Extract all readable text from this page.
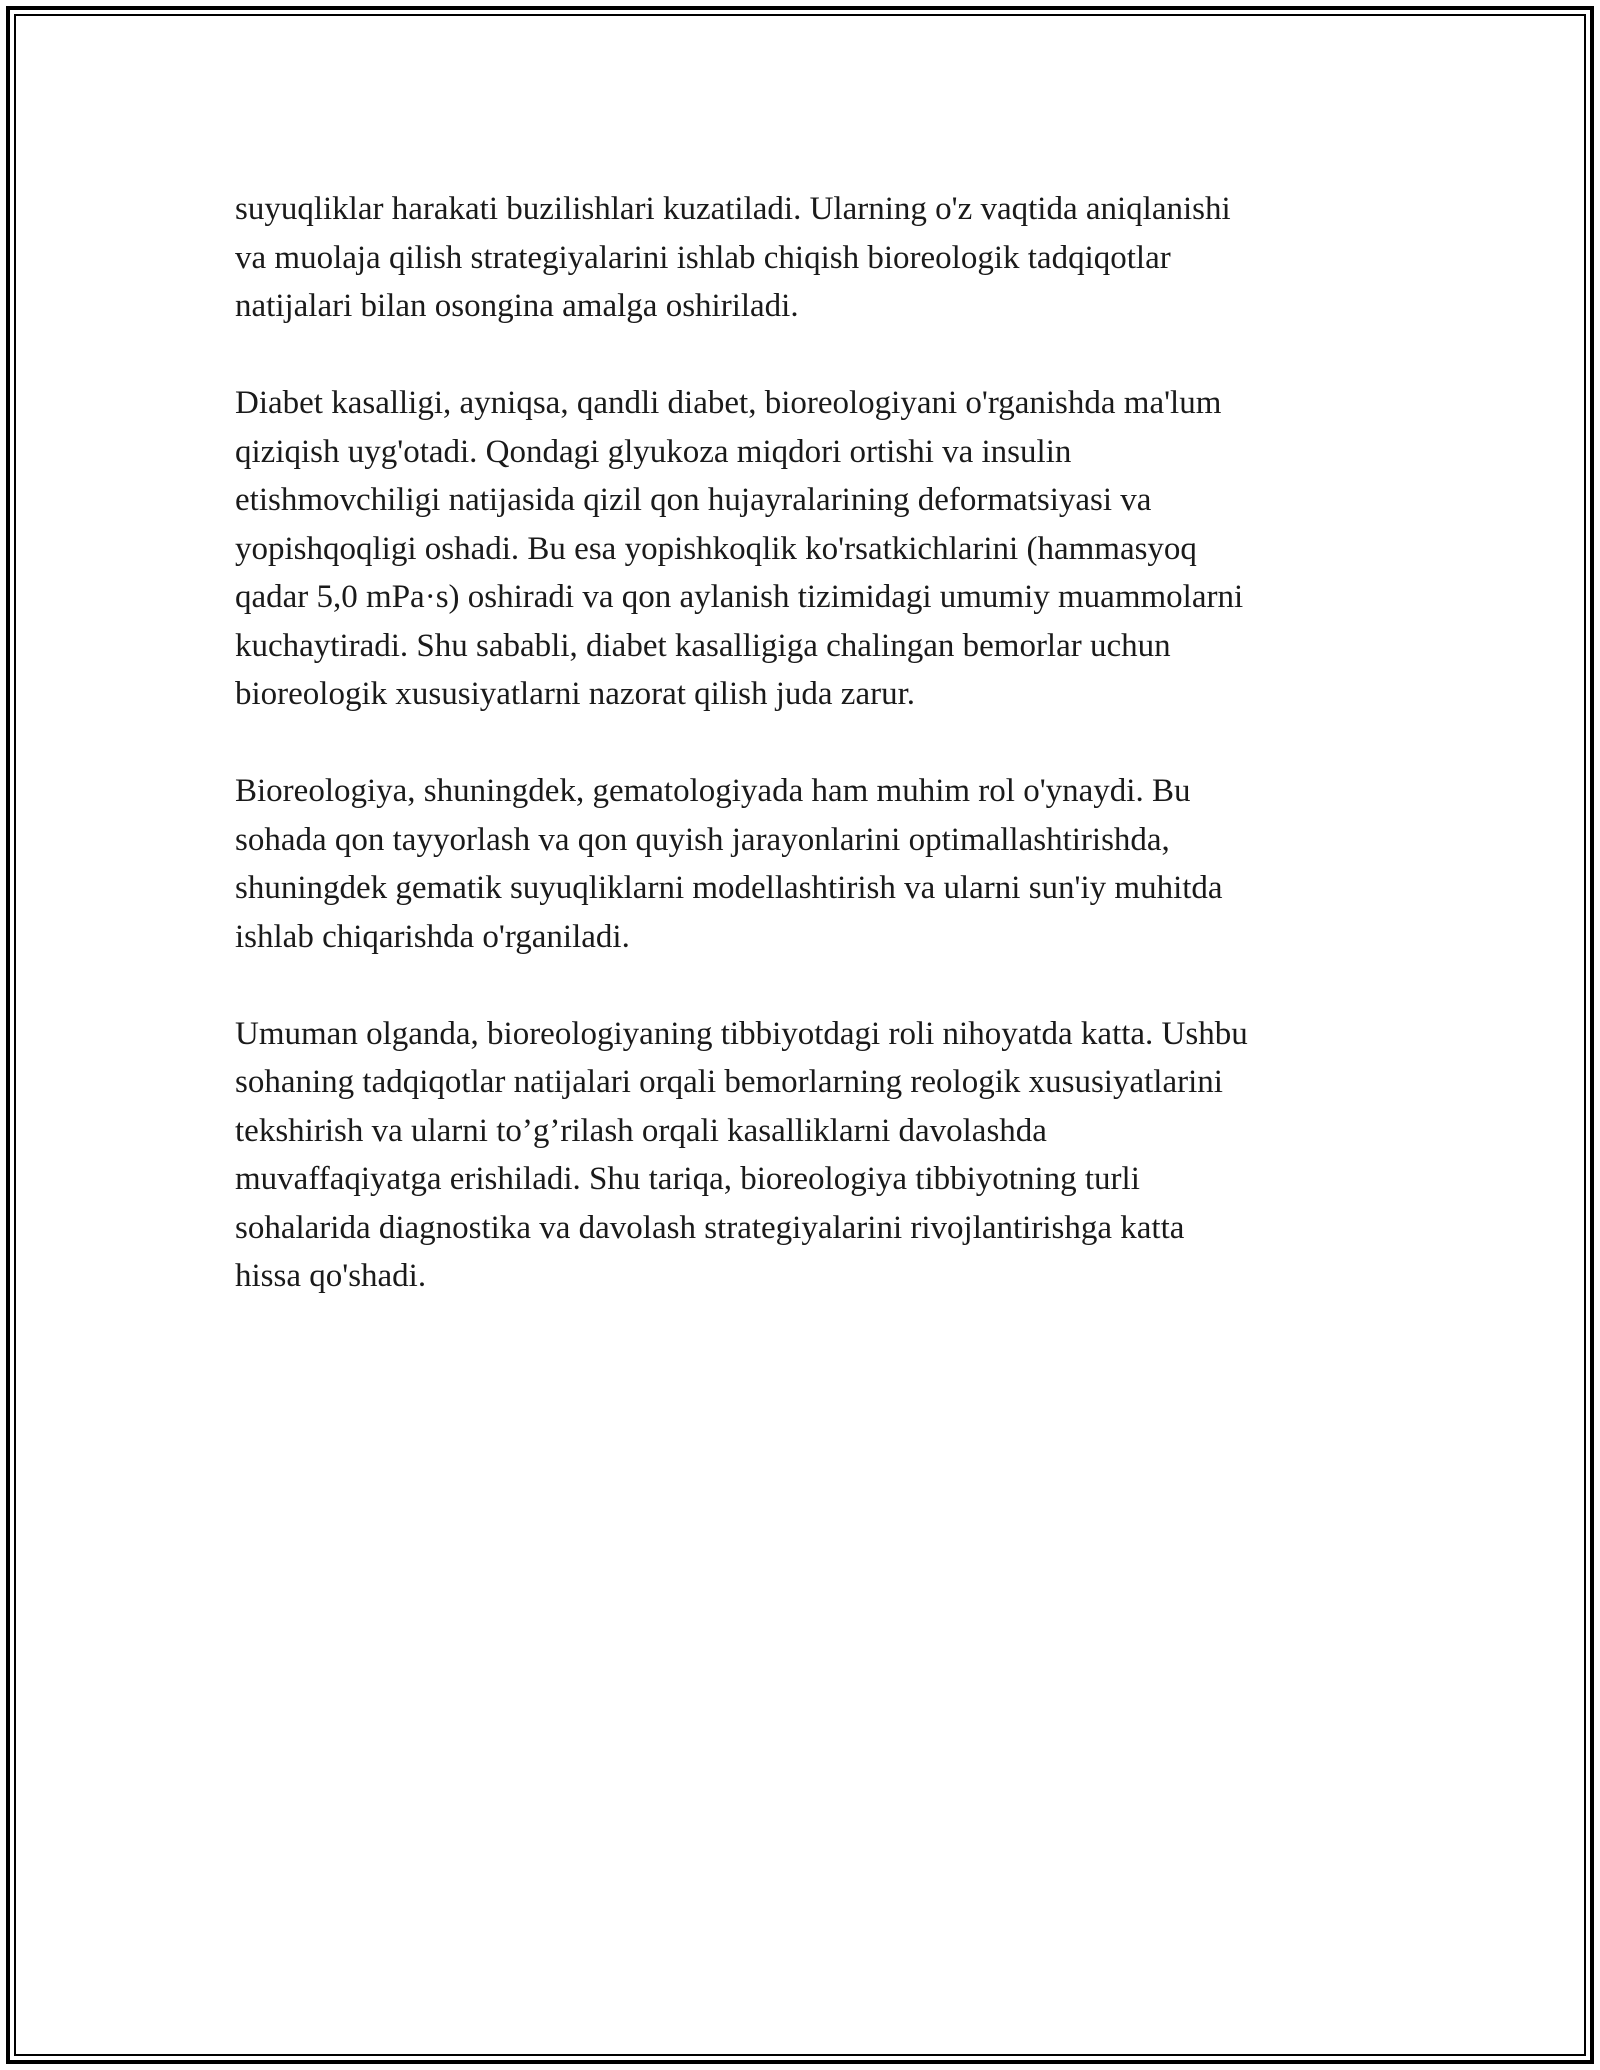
suyuqliklar harakati buzilishlari kuzatiladi. Ularning o'z vaqtida aniqlanishi
va muolaja qilish strategiyalarini ishlab chiqish bioreologik tadqiqotlar
natijalari bilan osongina amalga oshiriladi.

Diabet kasalligi, ayniqsa, qandli diabet, bioreologiyani o'rganishda ma'lum
qiziqish uyg'otadi. Qondagi glyukoza miqdori ortishi va insulin
etishmovchiligi natijasida qizil qon hujayralarining deformatsiyasi va
yopishqoqligi oshadi. Bu esa yopishkoqlik ko'rsatkichlarini (hammasyoq
qadar 5,0 mPa·s) oshiradi va qon aylanish tizimidagi umumiy muammolarni
kuchaytiradi. Shu sababli, diabet kasalligiga chalingan bemorlar uchun
bioreologik xususiyatlarni nazorat qilish juda zarur.

Bioreologiya, shuningdek, gematologiyada ham muhim rol o'ynaydi. Bu
sohada qon tayyorlash va qon quyish jarayonlarini optimallashtirishda,
shuningdek gematik suyuqliklarni modellashtirish va ularni sun'iy muhitda
ishlab chiqarishda o'rganiladi.

Umuman olganda, bioreologiyaning tibbiyotdagi roli nihoyatda katta. Ushbu
sohaning tadqiqotlar natijalari orqali bemorlarning reologik xususiyatlarini
tekshirish va ularni to’g’rilash orqali kasalliklarni davolashda
muvaffaqiyatga erishiladi. Shu tariqa, bioreologiya tibbiyotning turli
sohalarida diagnostika va davolash strategiyalarini rivojlantirishga katta
hissa qo'shadi.
